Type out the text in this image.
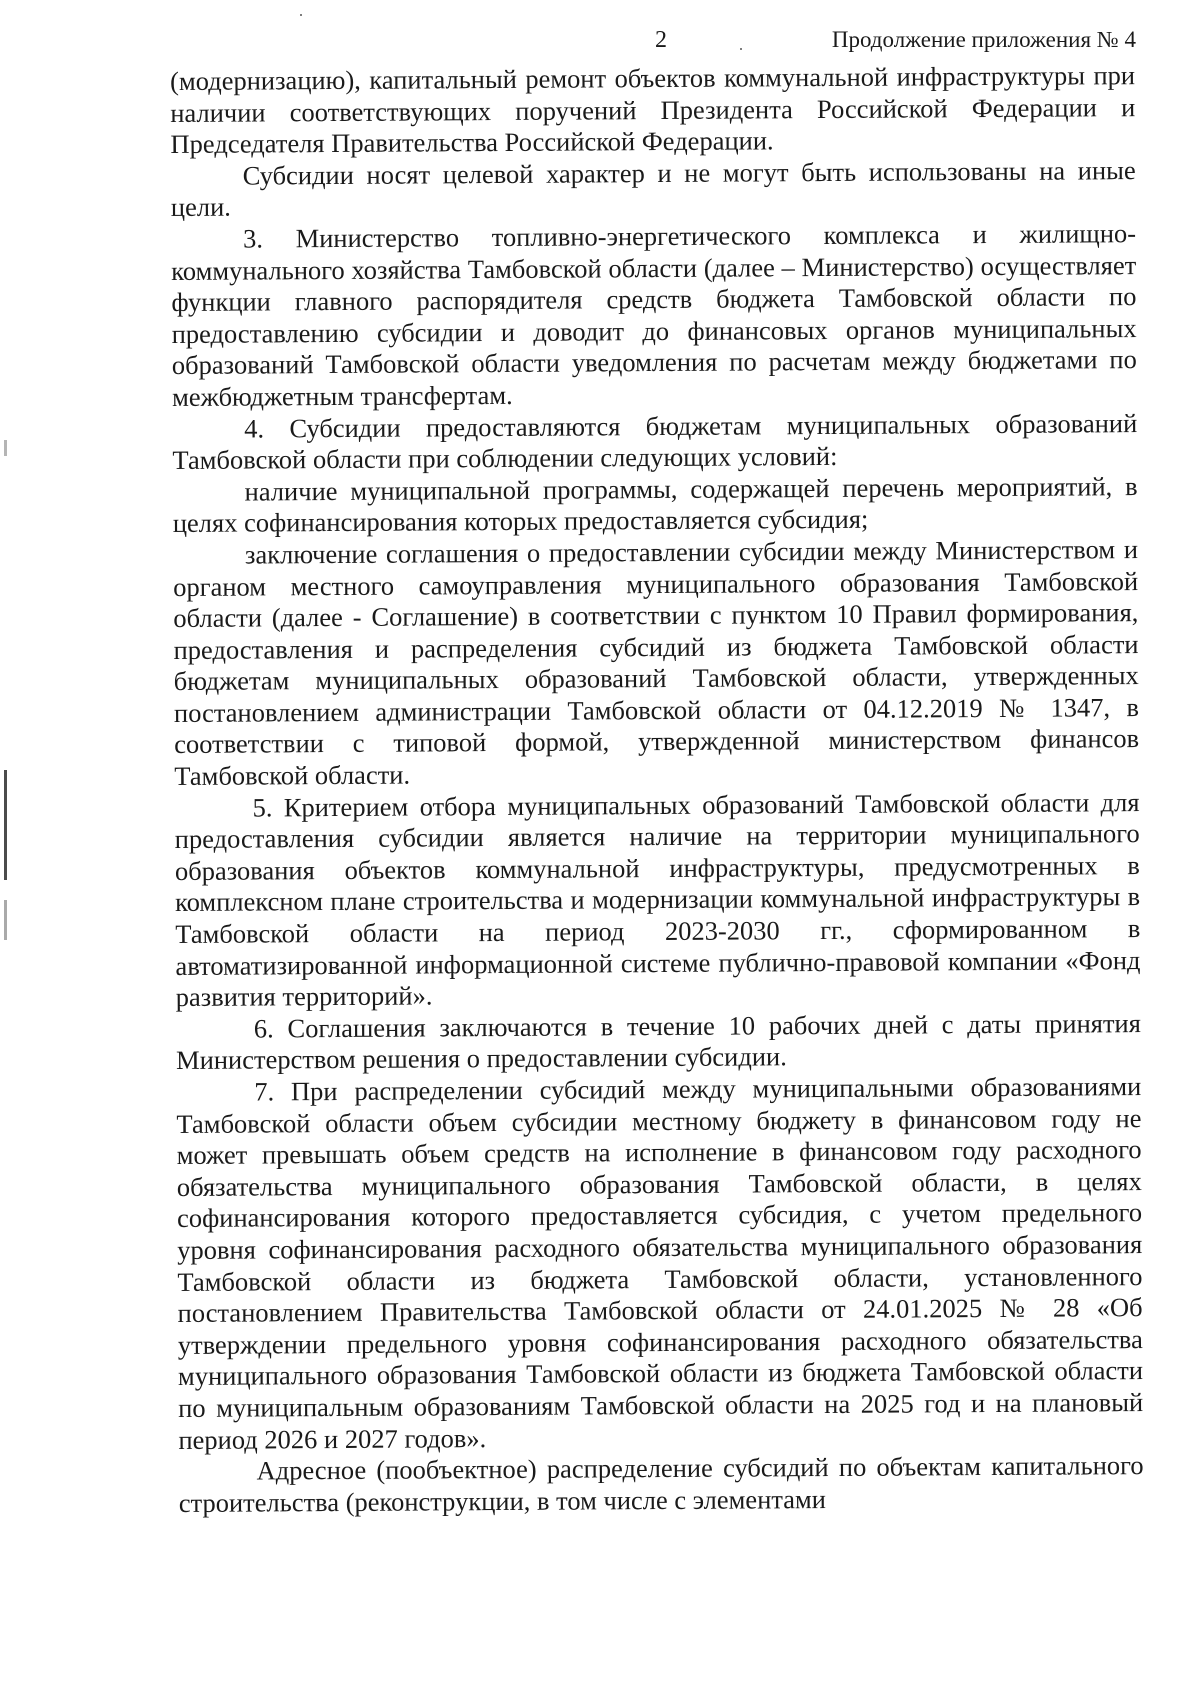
2	Продолжение приложения № 4

(модернизацию), капитальный ремонт объектов коммунальной инфраструктуры при наличии соответствующих поручений Президента Российской Федерации и Председателя Правительства Российской Федерации.

Субсидии носят целевой характер и не могут быть использованы на иные цели.

3. Министерство топливно-энергетического комплекса и жилищно-коммунального хозяйства Тамбовской области (далее – Министерство) осуществляет функции главного распорядителя средств бюджета Тамбовской области по предоставлению субсидии и доводит до финансовых органов муниципальных образований Тамбовской области уведомления по расчетам между бюджетами по межбюджетным трансфертам.

4. Субсидии предоставляются бюджетам муниципальных образований Тамбовской области при соблюдении следующих условий:

наличие муниципальной программы, содержащей перечень мероприятий, в целях софинансирования которых предоставляется субсидия;

заключение соглашения о предоставлении субсидии между Министерством и органом местного самоуправления муниципального образования Тамбовской области (далее - Соглашение) в соответствии с пунктом 10 Правил формирования, предоставления и распределения субсидий из бюджета Тамбовской области бюджетам муниципальных образований Тамбовской области, утвержденных постановлением администрации Тамбовской области от 04.12.2019 № 1347, в соответствии с типовой формой, утвержденной министерством финансов Тамбовской области.

5. Критерием отбора муниципальных образований Тамбовской области для предоставления субсидии является наличие на территории муниципального образования объектов коммунальной инфраструктуры, предусмотренных в комплексном плане строительства и модернизации коммунальной инфраструктуры в Тамбовской области на период 2023-2030 гг., сформированном в автоматизированной информационной системе публично-правовой компании «Фонд развития территорий».

6. Соглашения заключаются в течение 10 рабочих дней с даты принятия Министерством решения о предоставлении субсидии.

7. При распределении субсидий между муниципальными образованиями Тамбовской области объем субсидии местному бюджету в финансовом году не может превышать объем средств на исполнение в финансовом году расходного обязательства муниципального образования Тамбовской области, в целях софинансирования которого предоставляется субсидия, с учетом предельного уровня софинансирования расходного обязательства муниципального образования Тамбовской области из бюджета Тамбовской области, установленного постановлением Правительства Тамбовской области от 24.01.2025 № 28 «Об утверждении предельного уровня софинансирования расходного обязательства муниципального образования Тамбовской области из бюджета Тамбовской области по муниципальным образованиям Тамбовской области на 2025 год и на плановый период 2026 и 2027 годов».

Адресное (пообъектное) распределение субсидий по объектам капитального строительства (реконструкции, в том числе с элементами
